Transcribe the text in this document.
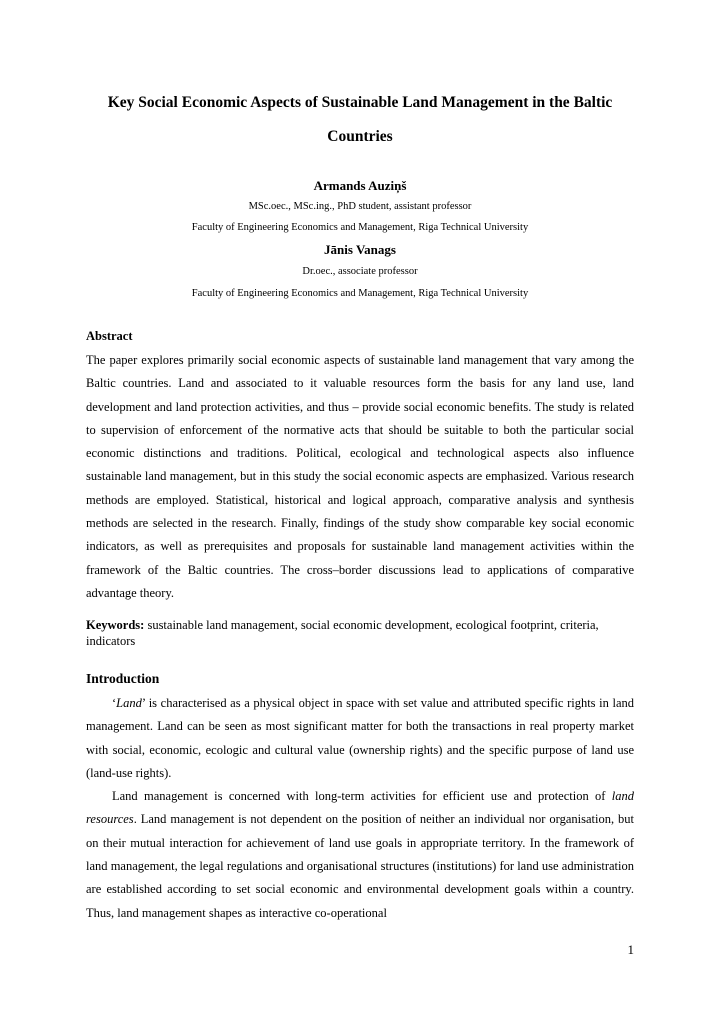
Key Social Economic Aspects of Sustainable Land Management in the Baltic Countries
Armands Auziņš
MSc.oec., MSc.ing., PhD student, assistant professor
Faculty of Engineering Economics and Management, Riga Technical University
Jānis Vanags
Dr.oec., associate professor
Faculty of Engineering Economics and Management, Riga Technical University
Abstract
The paper explores primarily social economic aspects of sustainable land management that vary among the Baltic countries. Land and associated to it valuable resources form the basis for any land use, land development and land protection activities, and thus – provide social economic benefits. The study is related to supervision of enforcement of the normative acts that should be suitable to both the particular social economic distinctions and traditions. Political, ecological and technological aspects also influence sustainable land management, but in this study the social economic aspects are emphasized. Various research methods are employed. Statistical, historical and logical approach, comparative analysis and synthesis methods are selected in the research. Finally, findings of the study show comparable key social economic indicators, as well as prerequisites and proposals for sustainable land management activities within the framework of the Baltic countries. The cross–border discussions lead to applications of comparative advantage theory.
Keywords: sustainable land management, social economic development, ecological footprint, criteria, indicators
Introduction

‘Land’ is characterised as a physical object in space with set value and attributed specific rights in land management. Land can be seen as most significant matter for both the transactions in real property market with social, economic, ecologic and cultural value (ownership rights) and the specific purpose of land use (land-use rights).

Land management is concerned with long-term activities for efficient use and protection of land resources. Land management is not dependent on the position of neither an individual nor organisation, but on their mutual interaction for achievement of land use goals in appropriate territory. In the framework of land management, the legal regulations and organisational structures (institutions) for land use administration are established according to set social economic and environmental development goals within a country. Thus, land management shapes as interactive co-operational

1
